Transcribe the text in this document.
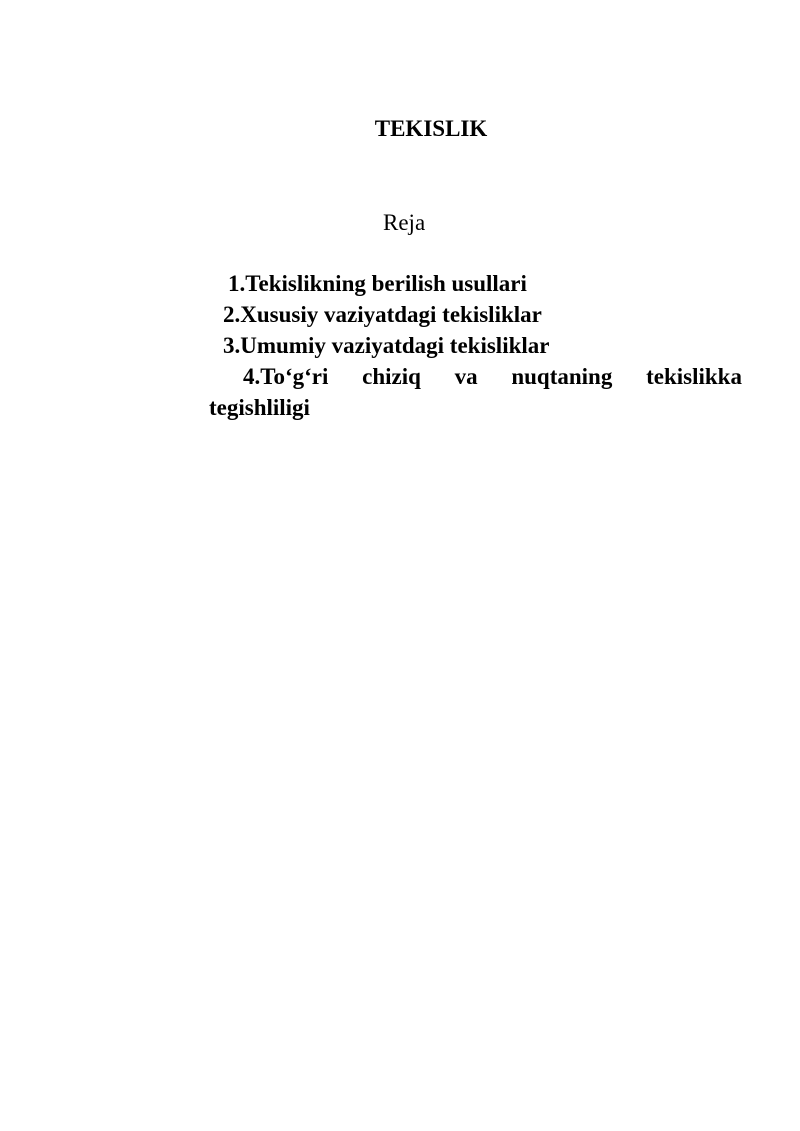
TEKISLIK
Reja
1.Tekislikning berilish usullari
2.Xususiy vaziyatdagi tekisliklar
3.Umumiy vaziyatdagi tekisliklar
4.To‘g‘ri chiziq va nuqtaning tekislikka
tegishliligi
